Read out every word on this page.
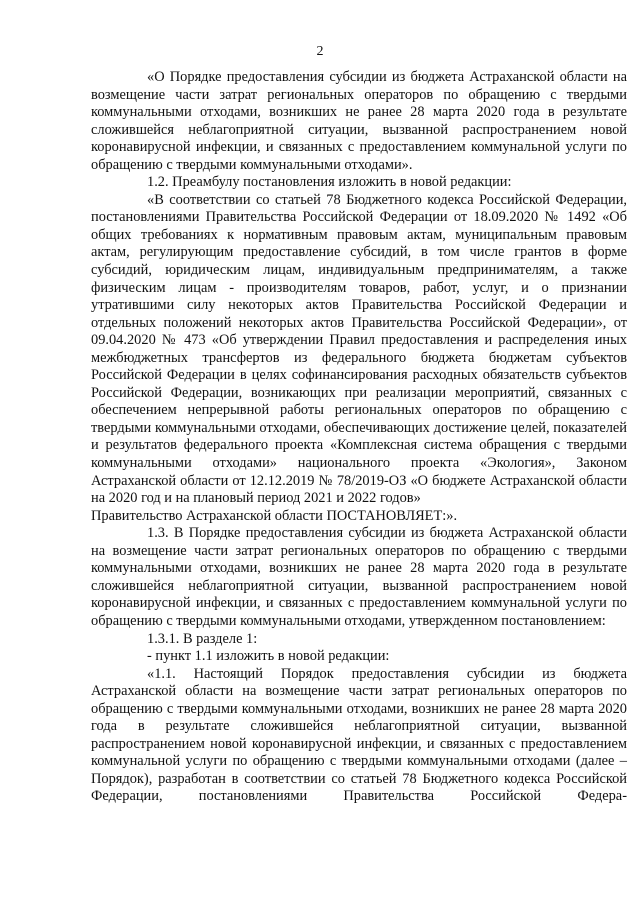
2

«О Порядке предоставления субсидии из бюджета Астраханской области на возмещение части затрат региональных операторов по обращению с твердыми коммунальными отходами, возникших не ранее 28 марта 2020 года в результате сложившейся неблагоприятной ситуации, вызванной распространением новой коронавирусной инфекции, и связанных с предоставлением коммунальной услуги по обращению с твердыми коммунальными отходами».

1.2. Преамбулу постановления изложить в новой редакции:

«В соответствии со статьей 78 Бюджетного кодекса Российской Федерации, постановлениями Правительства Российской Федерации от 18.09.2020 № 1492 «Об общих требованиях к нормативным правовым актам, муниципальным правовым актам, регулирующим предоставление субсидий, в том числе грантов в форме субсидий, юридическим лицам, индивидуальным предпринимателям, а также физическим лицам - производителям товаров, работ, услуг, и о признании утратившими силу некоторых актов Правительства Российской Федерации и отдельных положений некоторых актов Правительства Российской Федерации», от 09.04.2020 № 473 «Об утверждении Правил предоставления и распределения иных межбюджетных трансфертов из федерального бюджета бюджетам субъектов Российской Федерации в целях софинансирования расходных обязательств субъектов Российской Федерации, возникающих при реализации мероприятий, связанных с обеспечением непрерывной работы региональных операторов по обращению с твердыми коммунальными отходами, обеспечивающих достижение целей, показателей и результатов федерального проекта «Комплексная система обращения с твердыми коммунальными отходами» национального проекта «Экология», Законом Астраханской области от 12.12.2019 № 78/2019-ОЗ «О бюджете Астраханской области на 2020 год и на плановый период 2021 и 2022 годов»

Правительство Астраханской области ПОСТАНОВЛЯЕТ:».

1.3. В Порядке предоставления субсидии из бюджета Астраханской области на возмещение части затрат региональных операторов по обращению с твердыми коммунальными отходами, возникших не ранее 28 марта 2020 года в результате сложившейся неблагоприятной ситуации, вызванной распространением новой коронавирусной инфекции, и связанных с предоставлением коммунальной услуги по обращению с твердыми коммунальными отходами, утвержденном постановлением:

1.3.1. В разделе 1:

- пункт 1.1 изложить в новой редакции:

«1.1. Настоящий Порядок предоставления субсидии из бюджета Астраханской области на возмещение части затрат региональных операторов по обращению с твердыми коммунальными отходами, возникших не ранее 28 марта 2020 года в результате сложившейся неблагоприятной ситуации, вызванной распространением новой коронавирусной инфекции, и связанных с предоставлением коммунальной услуги по обращению с твердыми коммунальными отходами (далее – Порядок), разработан в соответствии со статьей 78 Бюджетного кодекса Российской Федерации, постановлениями Правительства Российской Федера-
